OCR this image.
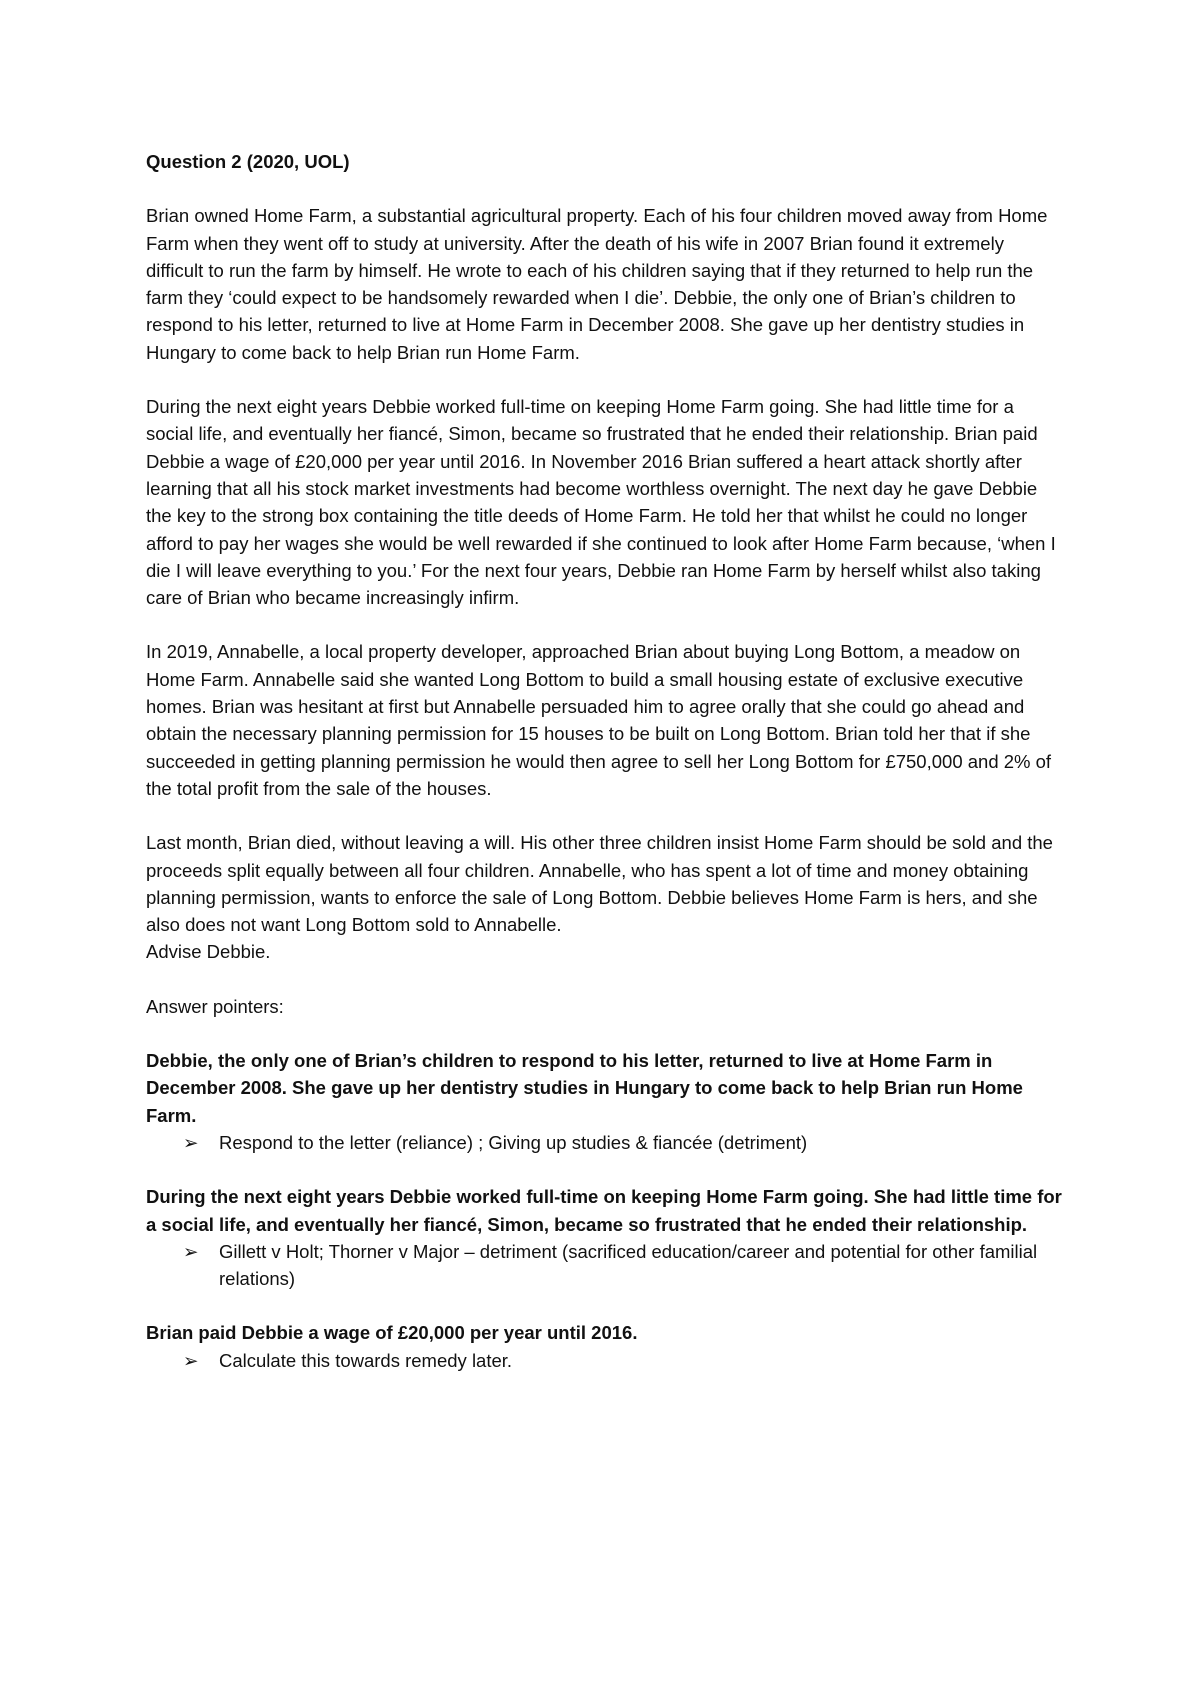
Question 2 (2020, UOL)

Brian owned Home Farm, a substantial agricultural property. Each of his four children moved away from Home Farm when they went off to study at university. After the death of his wife in 2007 Brian found it extremely difficult to run the farm by himself. He wrote to each of his children saying that if they returned to help run the farm they ‘could expect to be handsomely rewarded when I die’. Debbie, the only one of Brian’s children to respond to his letter, returned to live at Home Farm in December 2008. She gave up her dentistry studies in Hungary to come back to help Brian run Home Farm.

During the next eight years Debbie worked full-time on keeping Home Farm going. She had little time for a social life, and eventually her fiancé, Simon, became so frustrated that he ended their relationship. Brian paid Debbie a wage of £20,000 per year until 2016. In November 2016 Brian suffered a heart attack shortly after learning that all his stock market investments had become worthless overnight. The next day he gave Debbie the key to the strong box containing the title deeds of Home Farm. He told her that whilst he could no longer afford to pay her wages she would be well rewarded if she continued to look after Home Farm because, ‘when I die I will leave everything to you.’ For the next four years, Debbie ran Home Farm by herself whilst also taking care of Brian who became increasingly infirm.

In 2019, Annabelle, a local property developer, approached Brian about buying Long Bottom, a meadow on Home Farm. Annabelle said she wanted Long Bottom to build a small housing estate of exclusive executive homes. Brian was hesitant at first but Annabelle persuaded him to agree orally that she could go ahead and obtain the necessary planning permission for 15 houses to be built on Long Bottom. Brian told her that if she succeeded in getting planning permission he would then agree to sell her Long Bottom for £750,000 and 2% of the total profit from the sale of the houses.

Last month, Brian died, without leaving a will. His other three children insist Home Farm should be sold and the proceeds split equally between all four children. Annabelle, who has spent a lot of time and money obtaining planning permission, wants to enforce the sale of Long Bottom. Debbie believes Home Farm is hers, and she also does not want Long Bottom sold to Annabelle.

Advise Debbie.

Answer pointers:

Debbie, the only one of Brian’s children to respond to his letter, returned to live at Home Farm in December 2008. She gave up her dentistry studies in Hungary to come back to help Brian run Home Farm.
➢ Respond to the letter (reliance) ; Giving up studies & fiancée (detriment)
During the next eight years Debbie worked full-time on keeping Home Farm going. She had little time for a social life, and eventually her fiancé, Simon, became so frustrated that he ended their relationship.
➢ Gillett v Holt; Thorner v Major – detriment (sacrificed education/career and potential for other familial relations)
Brian paid Debbie a wage of £20,000 per year until 2016.
➢ Calculate this towards remedy later.
